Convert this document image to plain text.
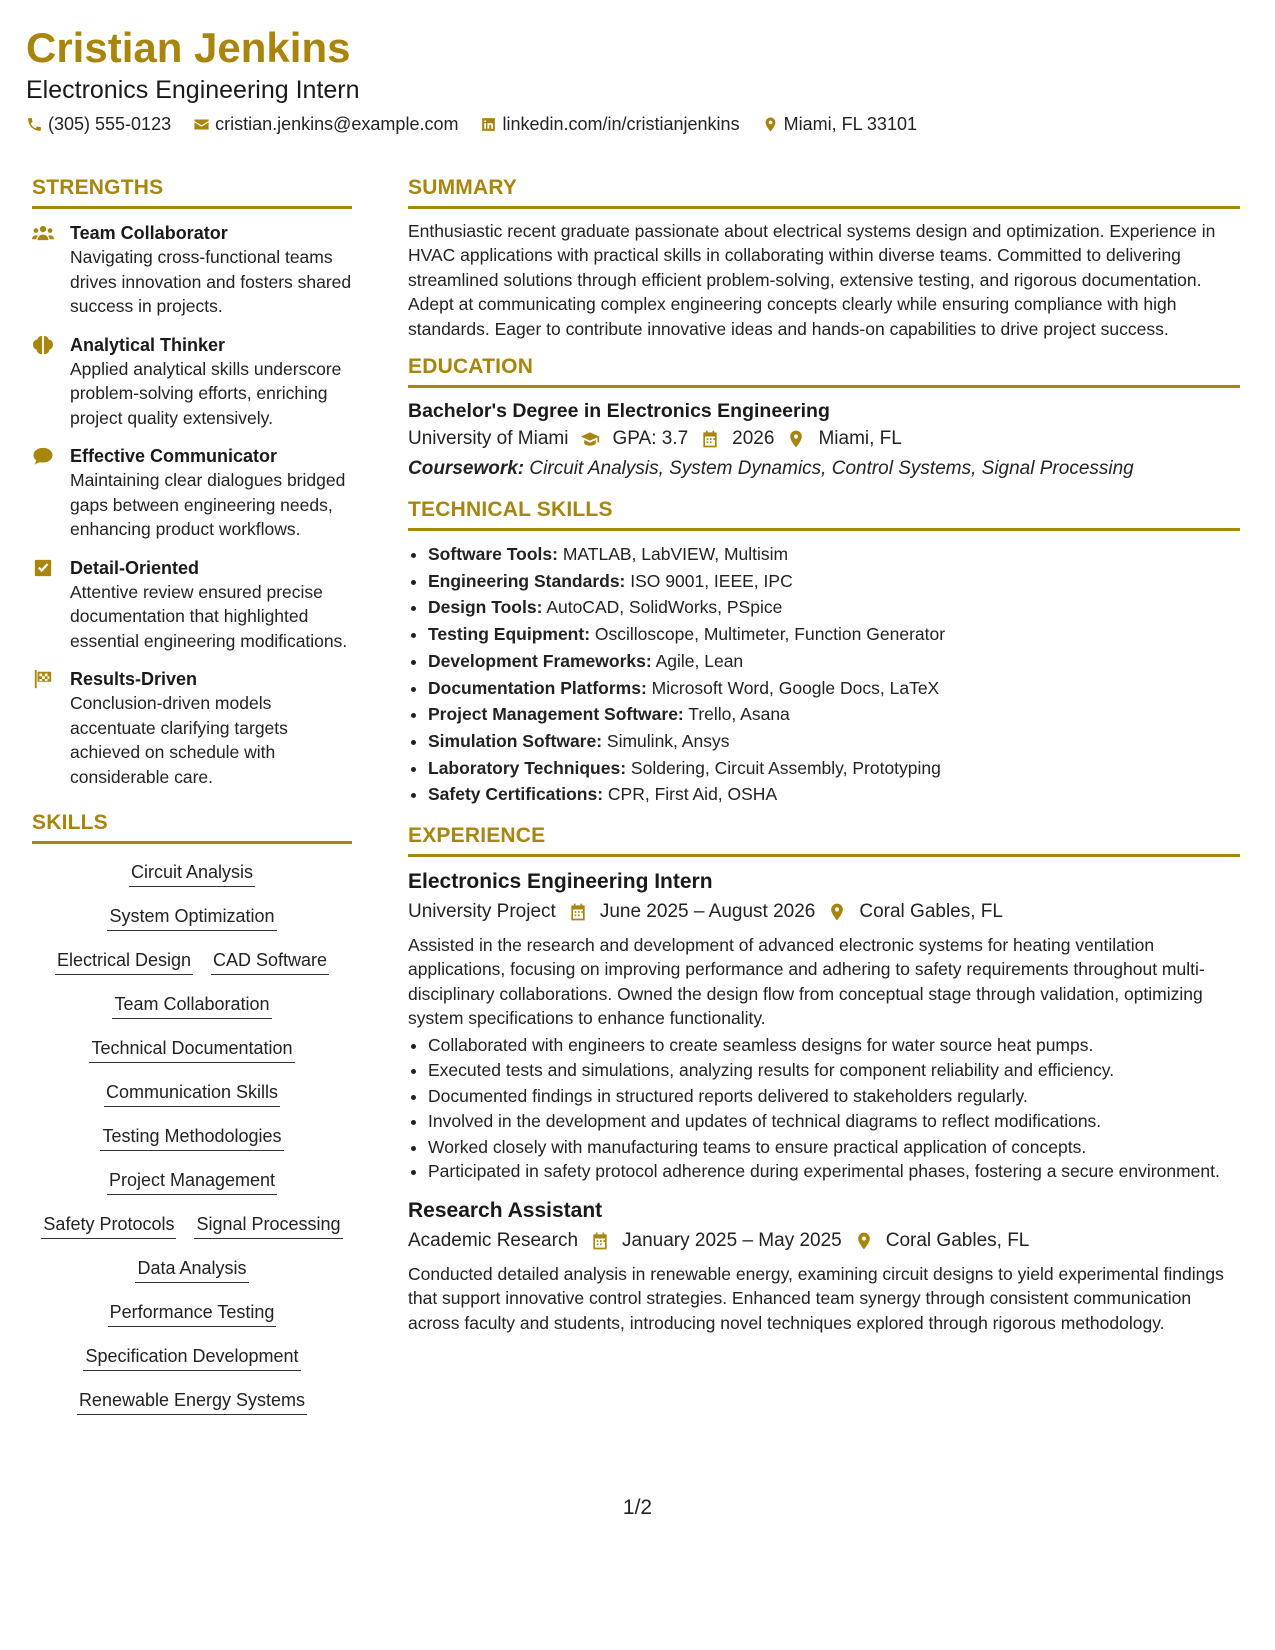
Cristian Jenkins
Electronics Engineering Intern
(305) 555-0123 cristian.jenkins@example.com linkedin.com/in/cristianjenkins Miami, FL 33101
STRENGTHS
Team Collaborator
Navigating cross-functional teams drives innovation and fosters shared success in projects.
Analytical Thinker
Applied analytical skills underscore problem-solving efforts, enriching project quality extensively.
Effective Communicator
Maintaining clear dialogues bridged gaps between engineering needs, enhancing product workflows.
Detail-Oriented
Attentive review ensured precise documentation that highlighted essential engineering modifications.
Results-Driven
Conclusion-driven models accentuate clarifying targets achieved on schedule with considerable care.
SKILLS
Circuit Analysis
System Optimization
Electrical Design CAD Software
Team Collaboration
Technical Documentation
Communication Skills
Testing Methodologies
Project Management
Safety Protocols Signal Processing
Data Analysis
Performance Testing
Specification Development
Renewable Energy Systems
SUMMARY
Enthusiastic recent graduate passionate about electrical systems design and optimization. Experience in HVAC applications with practical skills in collaborating within diverse teams. Committed to delivering streamlined solutions through efficient problem-solving, extensive testing, and rigorous documentation. Adept at communicating complex engineering concepts clearly while ensuring compliance with high standards. Eager to contribute innovative ideas and hands-on capabilities to drive project success.
EDUCATION
Bachelor's Degree in Electronics Engineering
University of Miami GPA: 3.7 2026 Miami, FL
Coursework: Circuit Analysis, System Dynamics, Control Systems, Signal Processing
TECHNICAL SKILLS
• Software Tools: MATLAB, LabVIEW, Multisim
• Engineering Standards: ISO 9001, IEEE, IPC
• Design Tools: AutoCAD, SolidWorks, PSpice
• Testing Equipment: Oscilloscope, Multimeter, Function Generator
• Development Frameworks: Agile, Lean
• Documentation Platforms: Microsoft Word, Google Docs, LaTeX
• Project Management Software: Trello, Asana
• Simulation Software: Simulink, Ansys
• Laboratory Techniques: Soldering, Circuit Assembly, Prototyping
• Safety Certifications: CPR, First Aid, OSHA
EXPERIENCE
Electronics Engineering Intern
University Project June 2025 – August 2026 Coral Gables, FL
Assisted in the research and development of advanced electronic systems for heating ventilation applications, focusing on improving performance and adhering to safety requirements throughout multi-disciplinary collaborations. Owned the design flow from conceptual stage through validation, optimizing system specifications to enhance functionality.
• Collaborated with engineers to create seamless designs for water source heat pumps.
• Executed tests and simulations, analyzing results for component reliability and efficiency.
• Documented findings in structured reports delivered to stakeholders regularly.
• Involved in the development and updates of technical diagrams to reflect modifications.
• Worked closely with manufacturing teams to ensure practical application of concepts.
• Participated in safety protocol adherence during experimental phases, fostering a secure environment.
Research Assistant
Academic Research January 2025 – May 2025 Coral Gables, FL
Conducted detailed analysis in renewable energy, examining circuit designs to yield experimental findings that support innovative control strategies. Enhanced team synergy through consistent communication across faculty and students, introducing novel techniques explored through rigorous methodology.
1/2
